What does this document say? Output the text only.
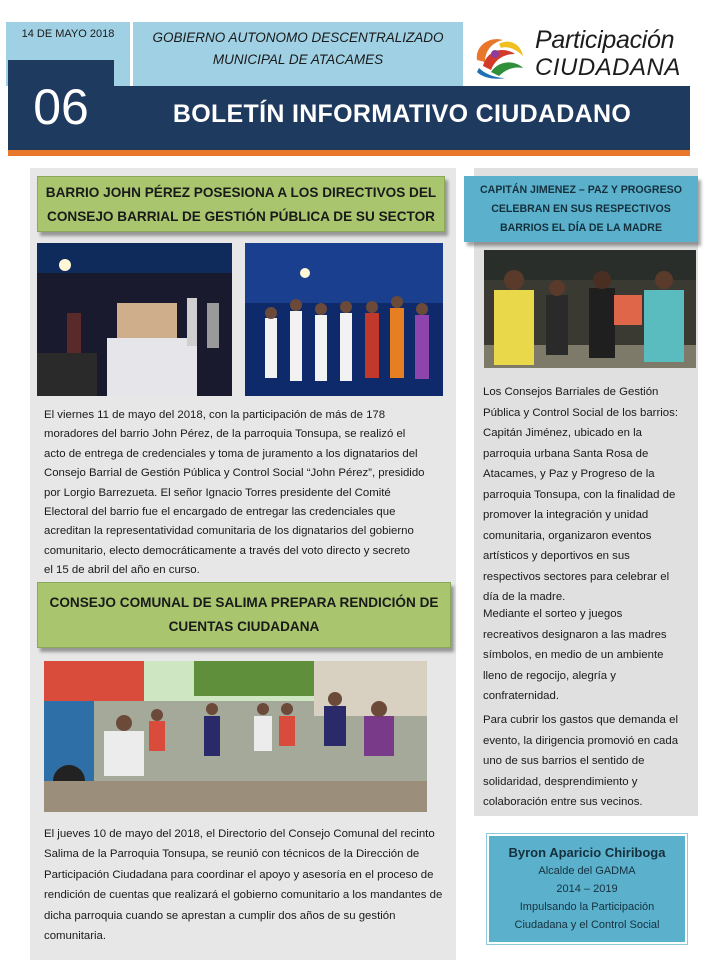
14 DE MAYO 2018	GOBIERNO AUTONOMO DESCENTRALIZADO
MUNICIPAL DE ATACAMES
Participación
CIUDADANA
06	BOLETÍN INFORMATIVO CIUDADANO
BARRIO JOHN PÉREZ POSESIONA A LOS DIRECTIVOS DEL
CONSEJO BARRIAL DE GESTIÓN PÚBLICA DE SU SECTOR
El viernes 11 de mayo del 2018, con la participación de más de 178
moradores del barrio John Pérez, de la parroquia Tonsupa, se realizó el
acto de entrega de credenciales y toma de juramento a los dignatarios del
Consejo Barrial de Gestión Pública y Control Social “John Pérez”, presidido
por Lorgio Barrezueta. El señor Ignacio Torres presidente del Comité
Electoral del barrio fue el encargado de entregar las credenciales que
acreditan la representatividad comunitaria de los dignatarios del gobierno
comunitario, electo democráticamente a través del voto directo y secreto
el 15 de abril del año en curso.
CONSEJO COMUNAL DE SALIMA PREPARA RENDICIÓN DE
CUENTAS CIUDADANA
El jueves 10 de mayo del 2018, el Directorio del Consejo Comunal del recinto
Salima de la Parroquia Tonsupa, se reunió con técnicos de la Dirección de
Participación Ciudadana para coordinar el apoyo y asesoría en el proceso de
rendición de cuentas que realizará el gobierno comunitario a los mandantes de
dicha parroquia cuando se aprestan a cumplir dos años de su gestión
comunitaria.
CAPITÁN JIMENEZ – PAZ Y PROGRESO
CELEBRAN EN SUS RESPECTIVOS
BARRIOS EL DÍA DE LA MADRE
Los Consejos Barriales de Gestión
Pública y Control Social de los barrios:
Capitán Jiménez, ubicado en la
parroquia urbana Santa Rosa de
Atacames, y Paz y Progreso de la
parroquia Tonsupa, con la finalidad de
promover la integración y unidad
comunitaria, organizaron eventos
artísticos y deportivos en sus
respectivos sectores para celebrar el
día de la madre.
Mediante el sorteo y juegos
recreativos designaron a las madres
símbolos, en medio de un ambiente
lleno de regocijo, alegría y
confraternidad.
Para cubrir los gastos que demanda el
evento, la dirigencia promovió en cada
uno de sus barrios el sentido de
solidaridad, desprendimiento y
colaboración entre sus vecinos.
Byron Aparicio Chiriboga
Alcalde del GADMA
2014 – 2019
Impulsando la Participación
Ciudadana y el Control Social
